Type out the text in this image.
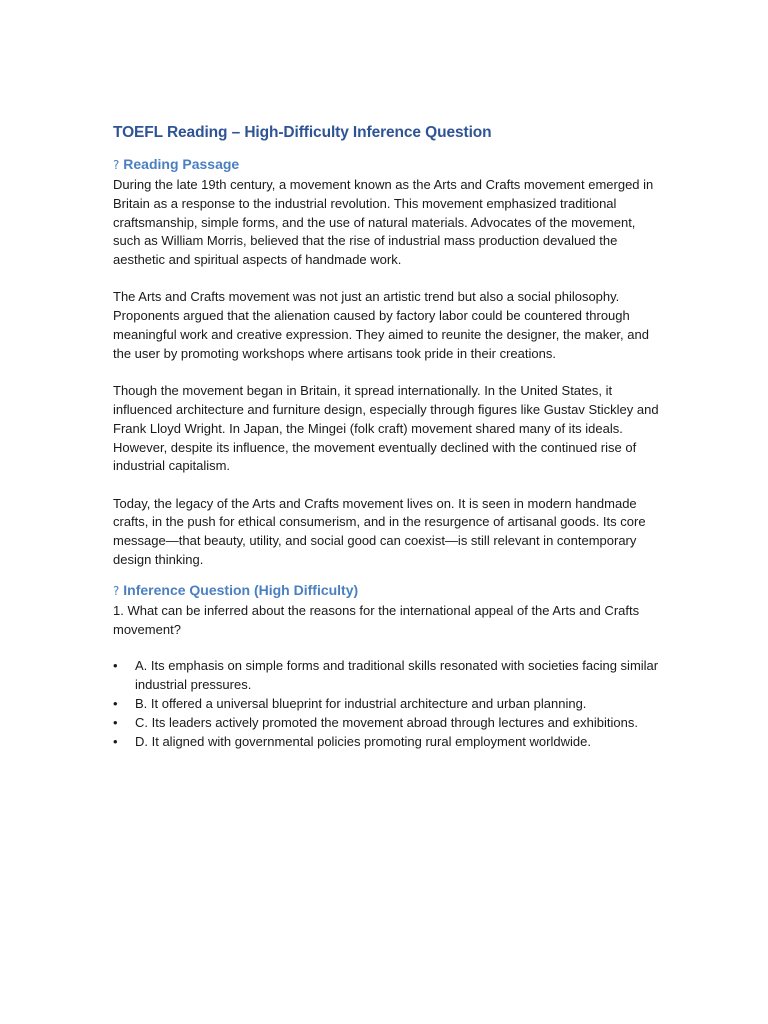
TOEFL Reading – High-Difficulty Inference Question
? Reading Passage

During the late 19th century, a movement known as the Arts and Crafts movement emerged in Britain as a response to the industrial revolution. This movement emphasized traditional craftsmanship, simple forms, and the use of natural materials. Advocates of the movement, such as William Morris, believed that the rise of industrial mass production devalued the aesthetic and spiritual aspects of handmade work.

The Arts and Crafts movement was not just an artistic trend but also a social philosophy. Proponents argued that the alienation caused by factory labor could be countered through meaningful work and creative expression. They aimed to reunite the designer, the maker, and the user by promoting workshops where artisans took pride in their creations.

Though the movement began in Britain, it spread internationally. In the United States, it influenced architecture and furniture design, especially through figures like Gustav Stickley and Frank Lloyd Wright. In Japan, the Mingei (folk craft) movement shared many of its ideals. However, despite its influence, the movement eventually declined with the continued rise of industrial capitalism.

Today, the legacy of the Arts and Crafts movement lives on. It is seen in modern handmade crafts, in the push for ethical consumerism, and in the resurgence of artisanal goods. Its core message—that beauty, utility, and social good can coexist—is still relevant in contemporary design thinking.

? Inference Question (High Difficulty)

1. What can be inferred about the reasons for the international appeal of the Arts and Crafts movement?

• A. Its emphasis on simple forms and traditional skills resonated with societies facing similar industrial pressures.
• B. It offered a universal blueprint for industrial architecture and urban planning.
• C. Its leaders actively promoted the movement abroad through lectures and exhibitions.
• D. It aligned with governmental policies promoting rural employment worldwide.
